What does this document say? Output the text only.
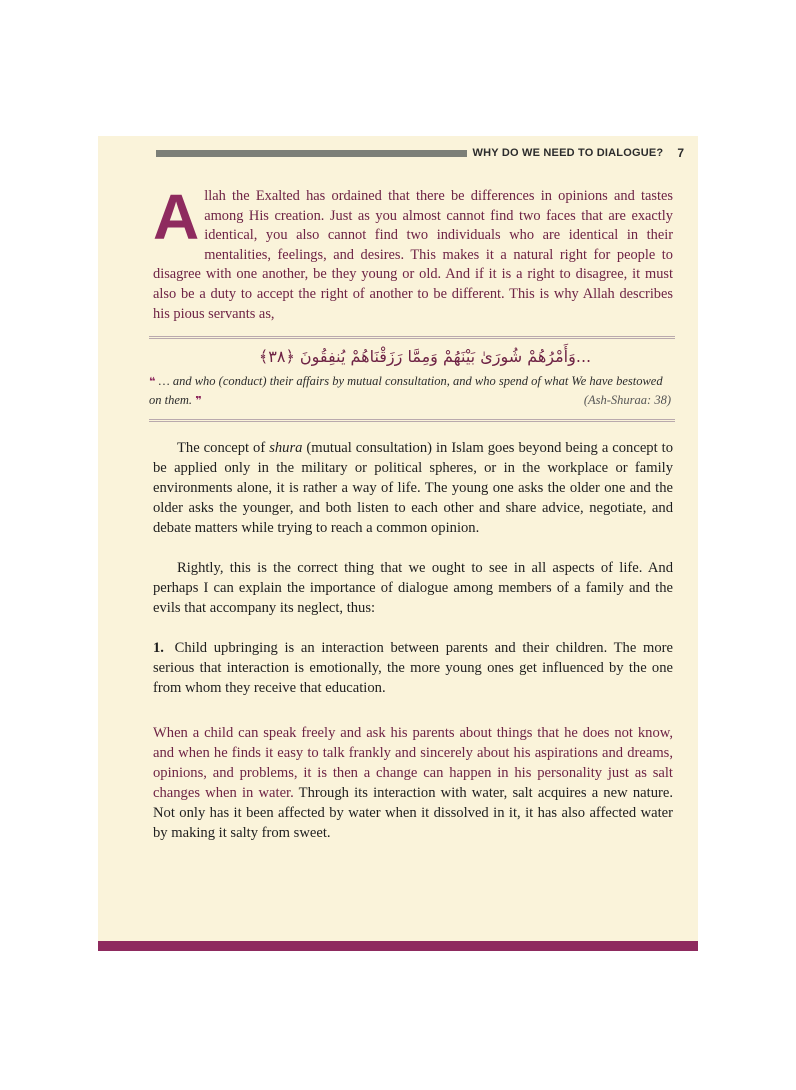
WHY DO WE NEED TO DIALOGUE? 7

Allah the Exalted has ordained that there be differences in opinions and tastes among His creation. Just as you almost cannot find two faces that are exactly identical, you also cannot find two individuals who are identical in their mentalities, feelings, and desires. This makes it a natural right for people to disagree with one another, be they young or old. And if it is a right to disagree, it must also be a duty to accept the right of another to be different. This is why Allah describes his pious servants as,

...وَأَمْرُهُمْ شُورَىٰ بَيْنَهُمْ وَمِمَّا رَزَقْنَاهُمْ يُنفِقُونَ ﴿٣٨﴾

❝ … and who (conduct) their affairs by mutual consultation, and who spend of what We have bestowed on them. ❞	(Ash-Shuraa: 38)

The concept of shura (mutual consultation) in Islam goes beyond being a concept to be applied only in the military or political spheres, or in the workplace or family environments alone, it is rather a way of life. The young one asks the older one and the older asks the younger, and both listen to each other and share advice, negotiate, and debate matters while trying to reach a common opinion.

Rightly, this is the correct thing that we ought to see in all aspects of life. And perhaps I can explain the importance of dialogue among members of a family and the evils that accompany its neglect, thus:

1. Child upbringing is an interaction between parents and their children. The more serious that interaction is emotionally, the more young ones get influenced by the one from whom they receive that education.

When a child can speak freely and ask his parents about things that he does not know, and when he finds it easy to talk frankly and sincerely about his aspirations and dreams, opinions, and problems, it is then a change can happen in his personality just as salt changes when in water. Through its interaction with water, salt acquires a new nature. Not only has it been affected by water when it dissolved in it, it has also affected water by making it salty from sweet.
